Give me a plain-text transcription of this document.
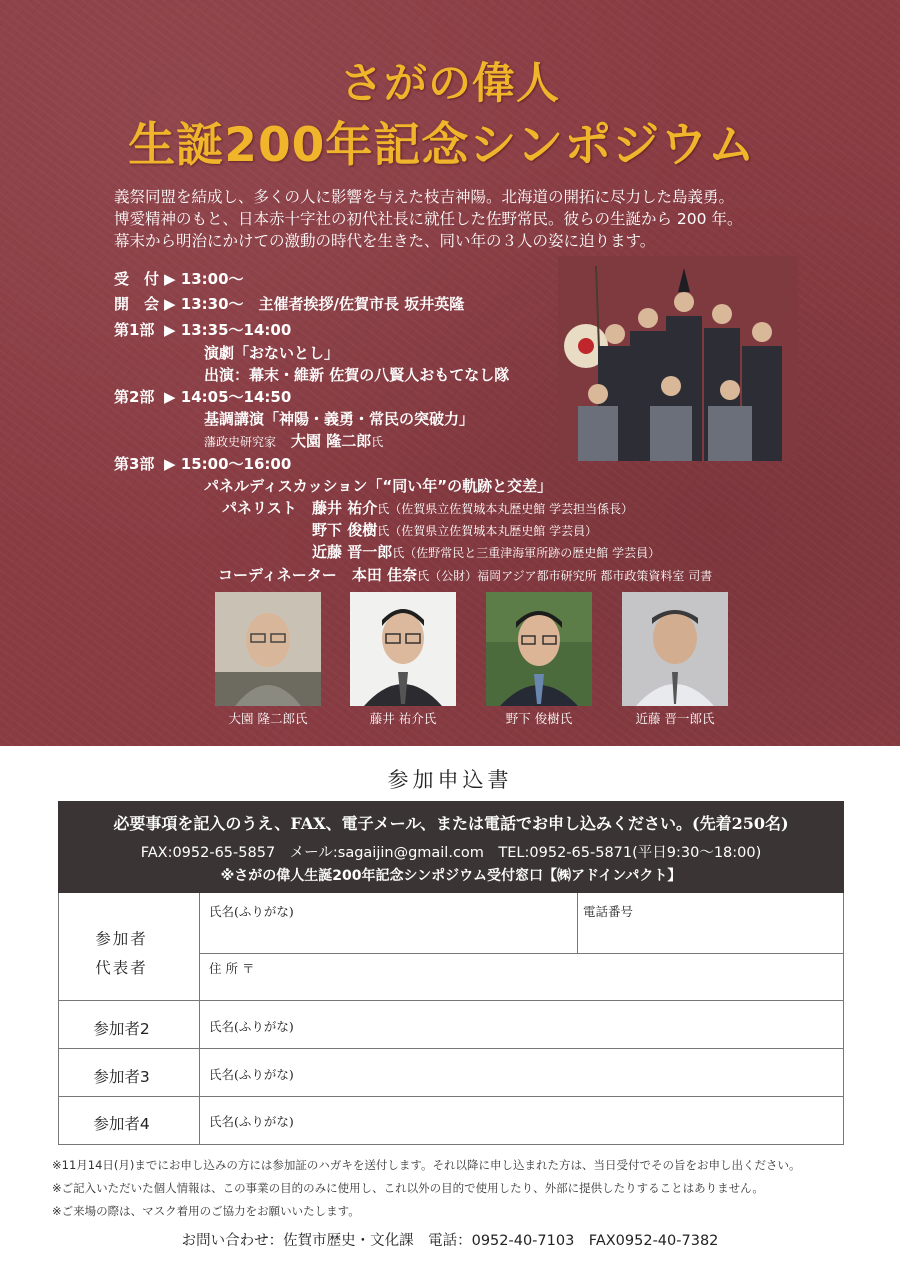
さがの偉人
生誕200年記念シンポジウム
義祭同盟を結成し、多くの人に影響を与えた枝吉神陽。北海道の開拓に尽力した島義勇。
博愛精神のもと、日本赤十字社の初代社長に就任した佐野常民。彼らの生誕から 200 年。
幕末から明治にかけての激動の時代を生きた、同い年の３人の姿に迫ります。
受　付 ▶ 13:00〜
開　会 ▶ 13:30〜　 主催者挨拶/佐賀市長 坂井英隆
第1部 ▶ 13:35〜14:00
演劇「おないとし」
出演：幕末・維新 佐賀の八賢人おもてなし隊
第2部 ▶ 14:05〜14:50
基調講演「神陽・義勇・常民の突破力」
藩政史研究家　 大園 隆二郎氏
第3部 ▶ 15:00〜16:00
パネルディスカッション「“同い年”の軌跡と交差」
パネリスト 藤井 祐介氏（佐賀県立佐賀城本丸歴史館 学芸担当係長）
野下 俊樹氏（佐賀県立佐賀城本丸歴史館 学芸員）
近藤 晋一郎氏（佐野常民と三重津海軍所跡の歴史館 学芸員）
コーディネーター　 本田 佳奈氏（公財）福岡アジア都市研究所 都市政策資料室 司書
大園 隆二郎氏	藤井 祐介氏	野下 俊樹氏	近藤 晋一郎氏
参加申込書
必要事項を記入のうえ、FAX、電子メール、または電話でお申し込みください。(先着250名)
FAX:0952-65-5857　メール:sagaijin@gmail.com　TEL:0952-65-5871(平日9:30〜18:00)
※さがの偉人生誕200年記念シンポジウム受付窓口【㈱アドインパクト】
参加者
代表者
氏名(ふりがな)	電話番号
住 所 〒
参加者2	氏名(ふりがな)
参加者3	氏名(ふりがな)
参加者4	氏名(ふりがな)
※11月14日(月)までにお申し込みの方には参加証のハガキを送付します。それ以降に申し込まれた方は、当日受付でその旨をお申し出ください。
※ご記入いただいた個人情報は、この事業の目的のみに使用し、これ以外の目的で使用したり、外部に提供したりすることはありません。
※ご来場の際は、マスク着用のご協力をお願いいたします。
お問い合わせ：佐賀市歴史・文化課　電話：0952-40-7103　FAX0952-40-7382
